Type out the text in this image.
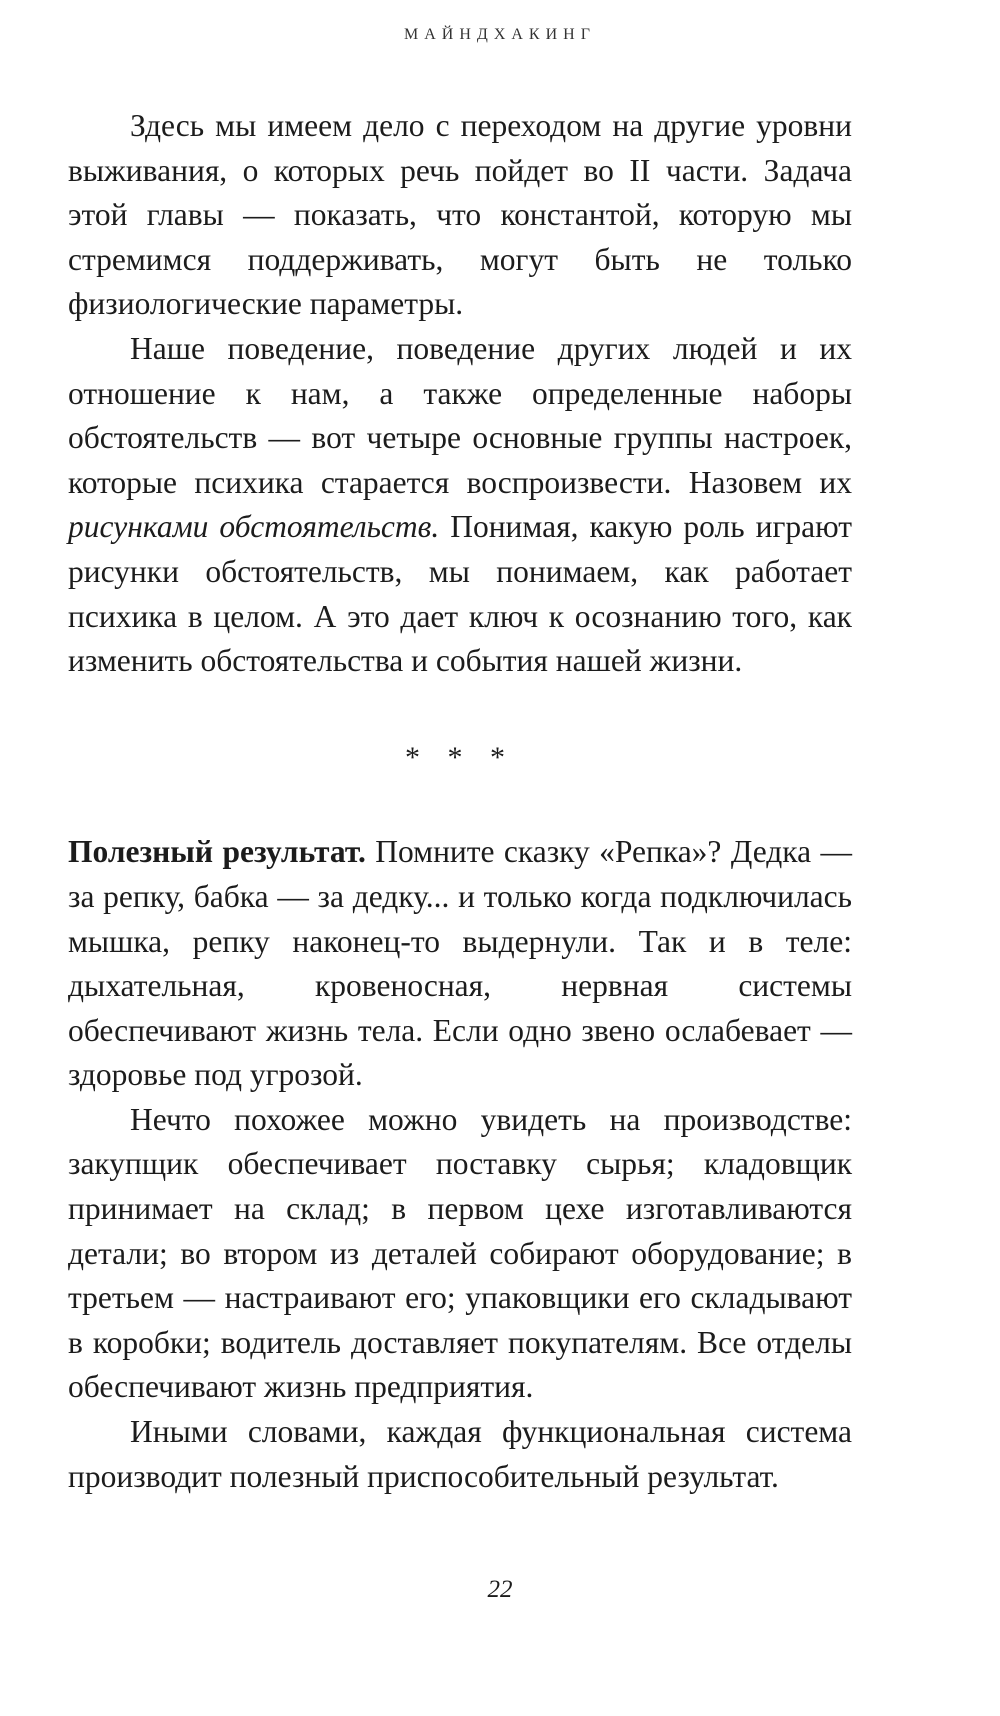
МАЙНДХАКИНГ

Здесь мы имеем дело с переходом на другие уровни выживания, о которых речь пойдет во II части. Задача этой главы — показать, что константой, которую мы стремимся поддерживать, могут быть не только физиологические параметры.

Наше поведение, поведение других людей и их отношение к нам, а также определенные наборы обстоятельств — вот четыре основные группы настроек, которые психика старается воспроизвести. Назовем их рисунками обстоятельств. Понимая, какую роль играют рисунки обстоятельств, мы понимаем, как работает психика в целом. А это дает ключ к осознанию того, как изменить обстоятельства и события нашей жизни.

* * *

Полезный результат. Помните сказку «Репка»? Дедка — за репку, бабка — за дедку... и только когда подключилась мышка, репку наконец-то выдернули. Так и в теле: дыхательная, кровеносная, нервная системы обеспечивают жизнь тела. Если одно звено ослабевает — здоровье под угрозой.

Нечто похожее можно увидеть на производстве: закупщик обеспечивает поставку сырья; кладовщик принимает на склад; в первом цехе изготавливаются детали; во втором из деталей собирают оборудование; в третьем — настраивают его; упаковщики его складывают в коробки; водитель доставляет покупателям. Все отделы обеспечивают жизнь предприятия.

Иными словами, каждая функциональная система производит полезный приспособительный результат.

22
